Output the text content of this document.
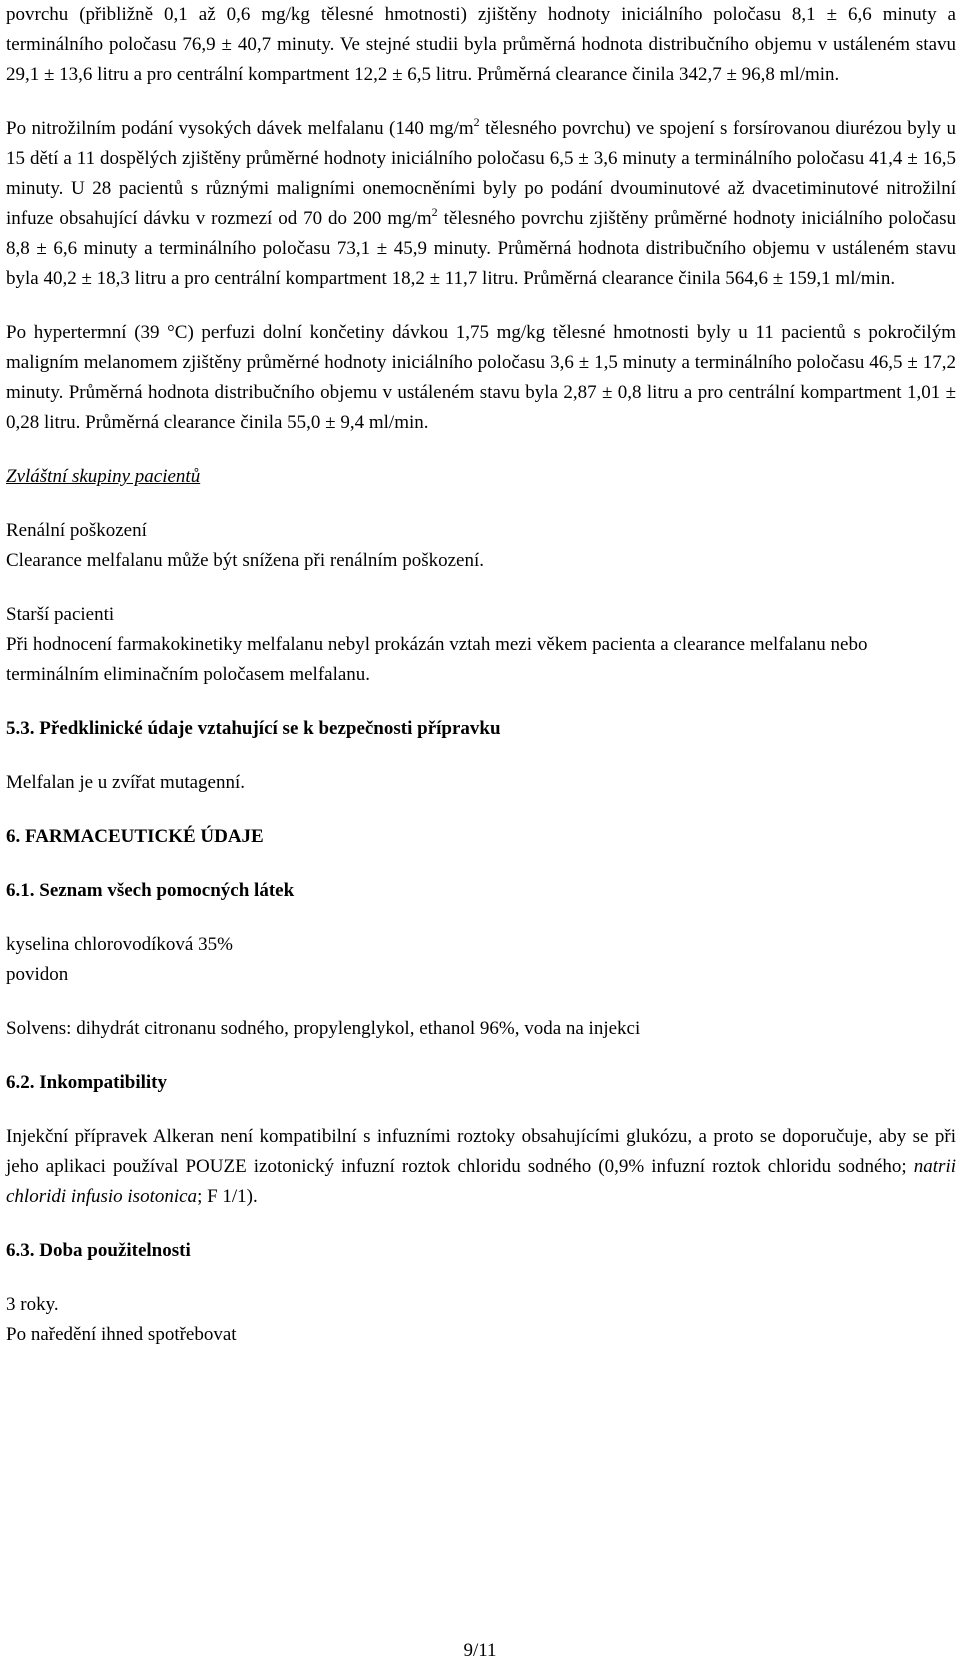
povrchu (přibližně 0,1 až 0,6 mg/kg tělesné hmotnosti) zjištěny hodnoty iniciálního poločasu 8,1 ± 6,6 minuty a terminálního poločasu 76,9 ± 40,7 minuty. Ve stejné studii byla průměrná hodnota distribučního objemu v ustáleném stavu 29,1 ± 13,6 litru a pro centrální kompartment 12,2 ± 6,5 litru. Průměrná clearance činila 342,7 ± 96,8 ml/min.

Po nitrožilním podání vysokých dávek melfalanu (140 $mg/m^2$ tělesného povrchu) ve spojení s forsírovanou diurézou byly u 15 dětí a 11 dospělých zjištěny průměrné hodnoty iniciálního poločasu 6,5 ± 3,6 minuty a terminálního poločasu 41,4 ± 16,5 minuty. U 28 pacientů s různými maligními onemocněními byly po podání dvouminutové až dvacetiminutové nitrožilní infuze obsahující dávku v rozmezí od 70 do 200 $mg/m^2$ tělesného povrchu zjištěny průměrné hodnoty iniciálního poločasu 8,8 ± 6,6 minuty a terminálního poločasu 73,1 ± 45,9 minuty. Průměrná hodnota distribučního objemu v ustáleném stavu byla 40,2 ± 18,3 litru a pro centrální kompartment 18,2 ± 11,7 litru. Průměrná clearance činila 564,6 ± 159,1 ml/min.

Po hypertermní (39 °C) perfuzi dolní končetiny dávkou 1,75 mg/kg tělesné hmotnosti byly u 11 pacientů s pokročilým maligním melanomem zjištěny průměrné hodnoty iniciálního poločasu 3,6 ± 1,5 minuty a terminálního poločasu 46,5 ± 17,2 minuty. Průměrná hodnota distribučního objemu v ustáleném stavu byla 2,87 ± 0,8 litru a pro centrální kompartment 1,01 ± 0,28 litru. Průměrná clearance činila 55,0 ± 9,4 ml/min.

Zvláštní skupiny pacientů

Renální poškození

Clearance melfalanu může být snížena při renálním poškození.

Starší pacienti

Při hodnocení farmakokinetiky melfalanu nebyl prokázán vztah mezi věkem pacienta a clearance melfalanu nebo terminálním eliminačním poločasem melfalanu.

5.3. Předklinické údaje vztahující se k bezpečnosti přípravku

Melfalan je u zvířat mutagenní.

6. FARMACEUTICKÉ ÚDAJE

6.1. Seznam všech pomocných látek

kyselina chlorovodíková 35%

povidon

Solvens: dihydrát citronanu sodného, propylenglykol, ethanol 96%, voda na injekci

6.2. Inkompatibility

Injekční přípravek Alkeran není kompatibilní s infuzními roztoky obsahujícími glukózu, a proto se doporučuje, aby se při jeho aplikaci používal POUZE izotonický infuzní roztok chloridu sodného (0,9% infuzní roztok chloridu sodného; natrii chloridi infusio isotonica; F 1/1).

6.3. Doba použitelnosti

3 roky.

Po naředění ihned spotřebovat

9/11
